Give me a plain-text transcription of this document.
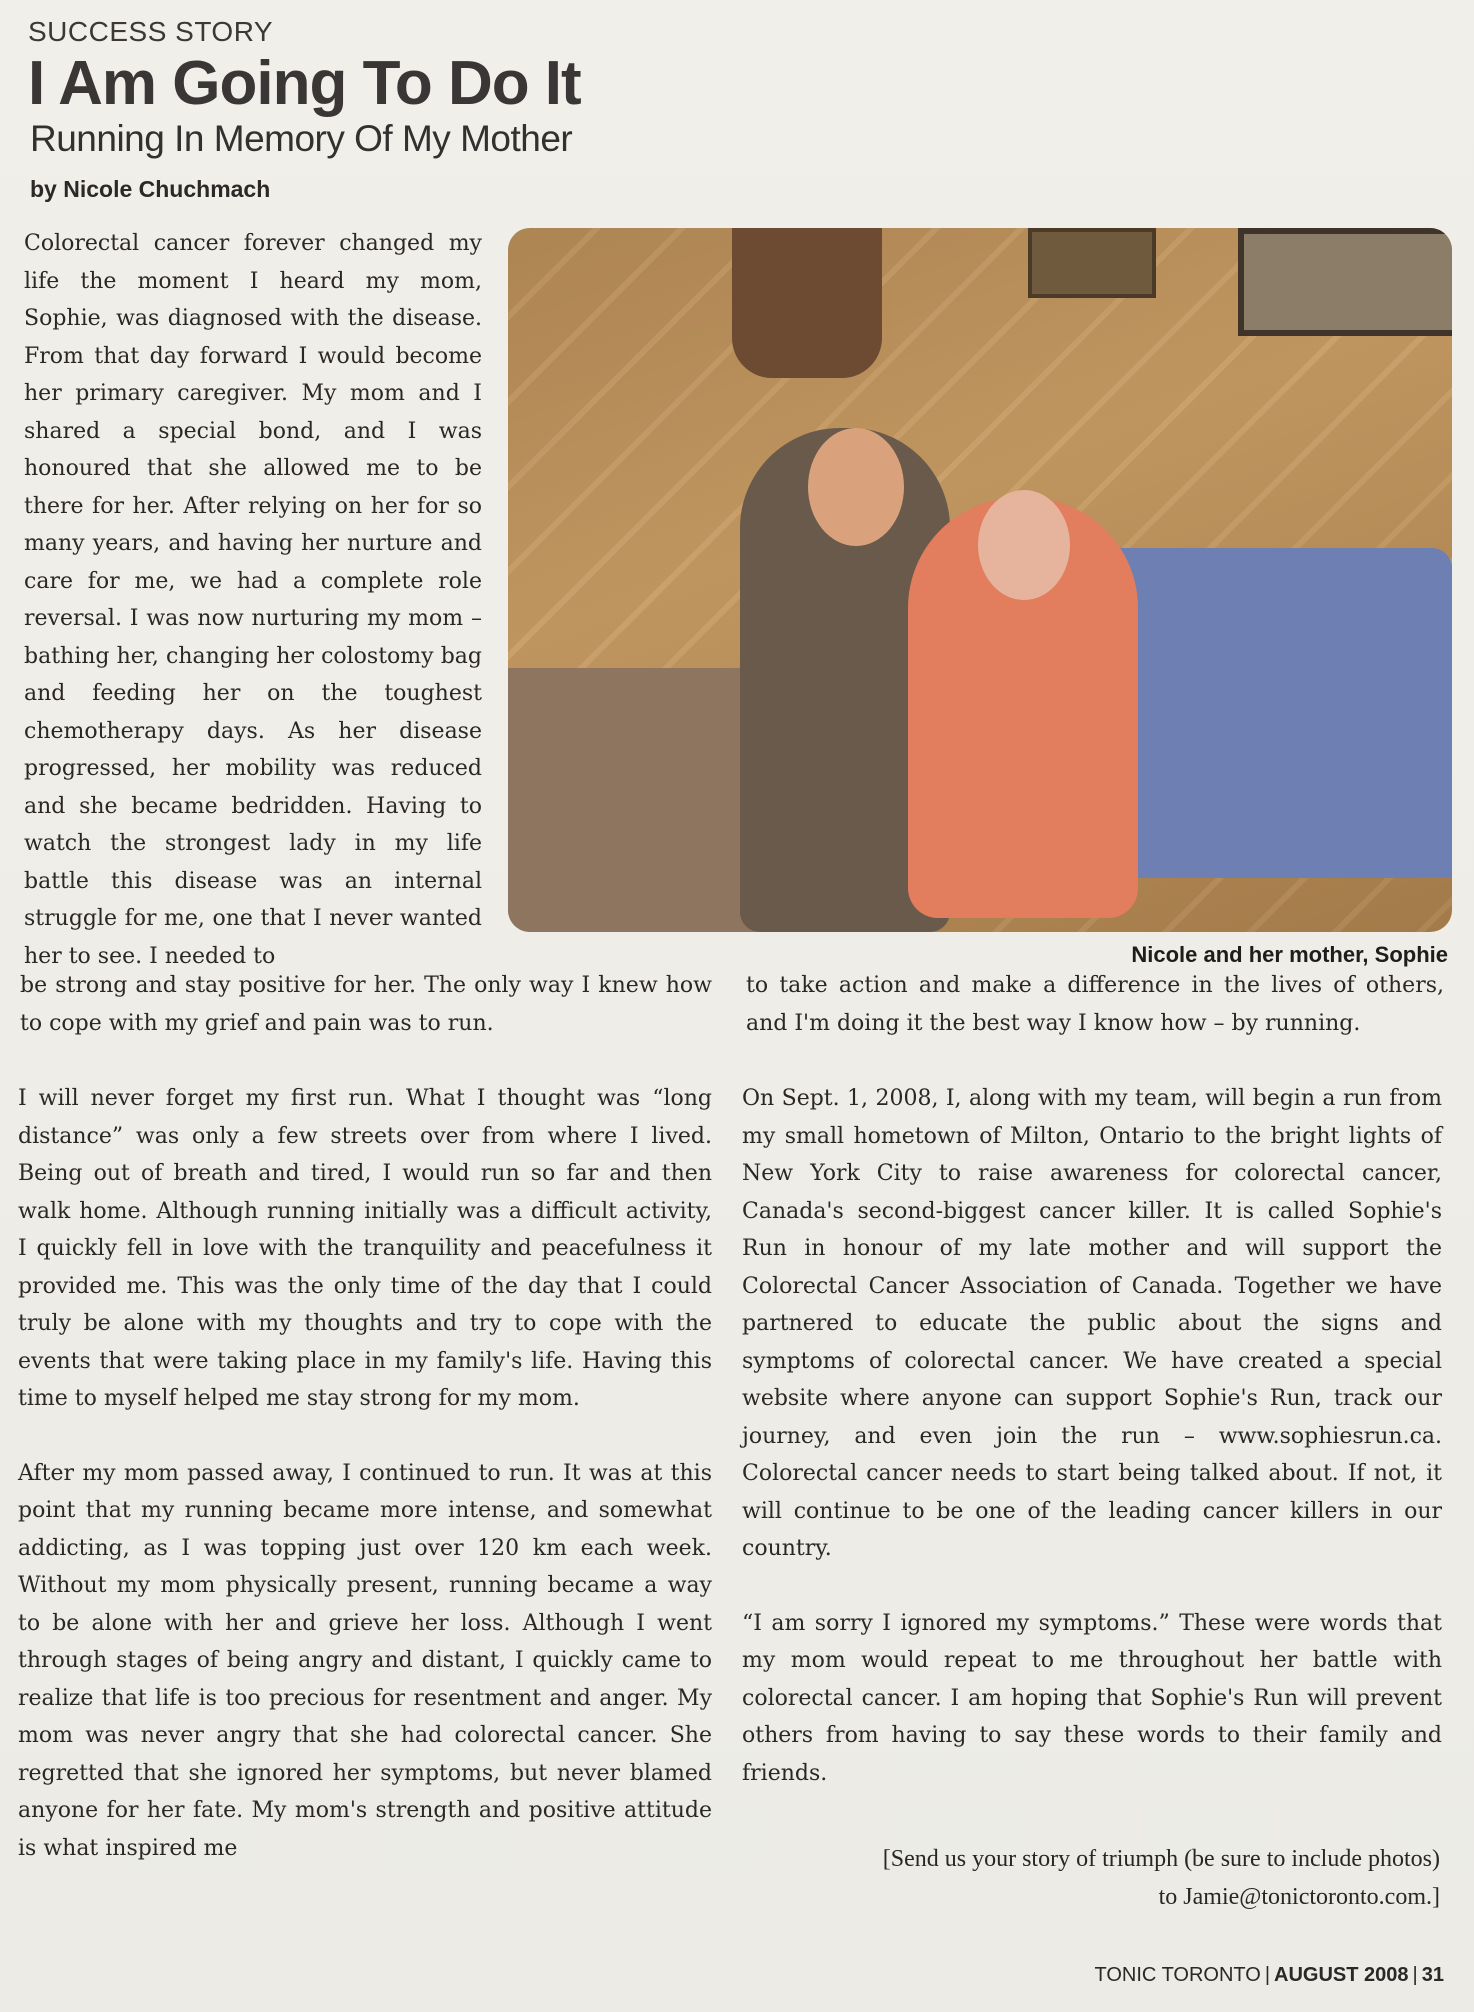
SUCCESS STORY
I Am Going To Do It
Running In Memory Of My Mother
by Nicole Chuchmach

Colorectal cancer forever changed my life the moment I heard my mom, Sophie, was diagnosed with the disease. From that day forward I would become her primary caregiver. My mom and I shared a special bond, and I was honoured that she allowed me to be there for her. After relying on her for so many years, and having her nurture and care for me, we had a complete role reversal. I was now nurturing my mom – bathing her, changing her colostomy bag and feeding her on the toughest chemotherapy days. As her disease progressed, her mobility was reduced and she became bedridden. Having to watch the strongest lady in my life battle this disease was an internal struggle for me, one that I never wanted her to see. I needed to	Nicole and her mother, Sophie

be strong and stay positive for her. The only way I knew how to cope with my grief and pain was to run.

to take action and make a difference in the lives of others, and I'm doing it the best way I know how – by running.

I will never forget my first run. What I thought was “long distance” was only a few streets over from where I lived. Being out of breath and tired, I would run so far and then walk home. Although running initially was a difficult activity, I quickly fell in love with the tranquility and peacefulness it provided me. This was the only time of the day that I could truly be alone with my thoughts and try to cope with the events that were taking place in my family's life. Having this time to myself helped me stay strong for my mom.

After my mom passed away, I continued to run. It was at this point that my running became more intense, and somewhat addicting, as I was topping just over 120 km each week. Without my mom physically present, running became a way to be alone with her and grieve her loss. Although I went through stages of being angry and distant, I quickly came to realize that life is too precious for resentment and anger. My mom was never angry that she had colorectal cancer. She regretted that she ignored her symptoms, but never blamed anyone for her fate. My mom's strength and positive attitude is what inspired me

On Sept. 1, 2008, I, along with my team, will begin a run from my small hometown of Milton, Ontario to the bright lights of New York City to raise awareness for colorectal cancer, Canada's second-biggest cancer killer. It is called Sophie's Run in honour of my late mother and will support the Colorectal Cancer Association of Canada. Together we have partnered to educate the public about the signs and symptoms of colorectal cancer. We have created a special website where anyone can support Sophie's Run, track our journey, and even join the run – www.sophiesrun.ca. Colorectal cancer needs to start being talked about. If not, it will continue to be one of the leading cancer killers in our country.

“I am sorry I ignored my symptoms.” These were words that my mom would repeat to me throughout her battle with colorectal cancer. I am hoping that Sophie's Run will prevent others from having to say these words to their family and friends.

[Send us your story of triumph (be sure to include photos)
to Jamie@tonictoronto.com.]
TONIC TORONTO | AUGUST 2008 | 31
